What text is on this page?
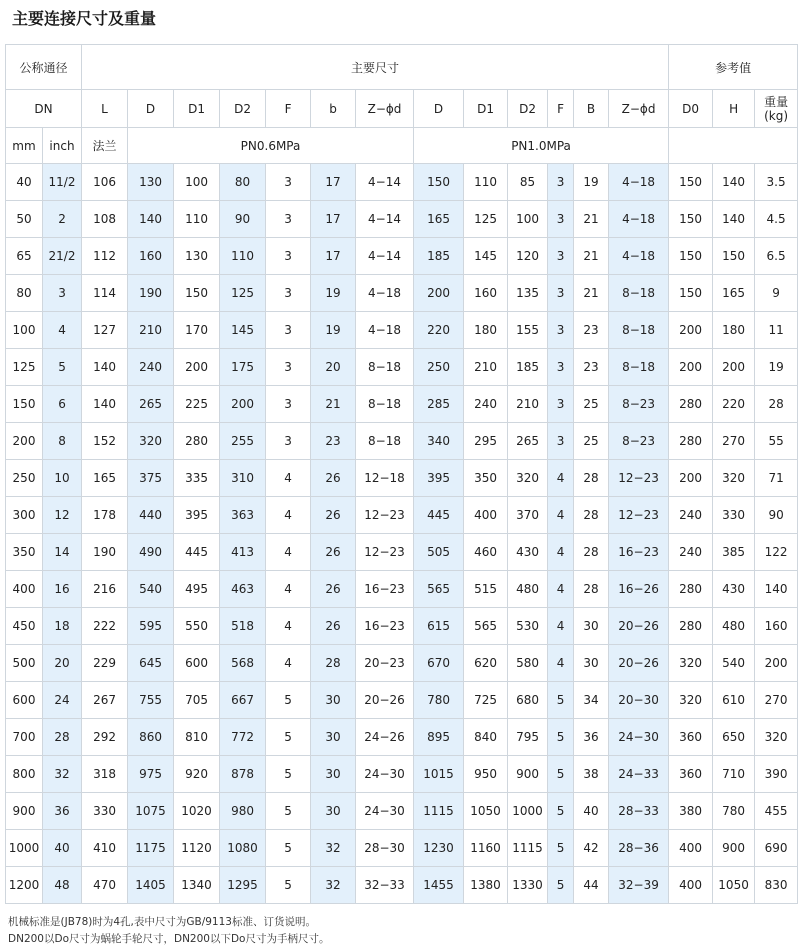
主要连接尺寸及重量
公称通径		主要尺寸													参考值		
DN		L	D	D1	D2	F	b	Z−ϕd	D	D1	D2	F	B	Z−ϕd	D0	H	重量
(kg)
mm	inch	法兰	PN0.6MPa						PN1.0MPa								
40	11/2	106	130	100	80	3	17	4−14	150	110	85	3	19	4−18	150	140	3.5
50	2	108	140	110	90	3	17	4−14	165	125	100	3	21	4−18	150	140	4.5
65	21/2	112	160	130	110	3	17	4−14	185	145	120	3	21	4−18	150	150	6.5
80	3	114	190	150	125	3	19	4−18	200	160	135	3	21	8−18	150	165	9
100	4	127	210	170	145	3	19	4−18	220	180	155	3	23	8−18	200	180	11
125	5	140	240	200	175	3	20	8−18	250	210	185	3	23	8−18	200	200	19
150	6	140	265	225	200	3	21	8−18	285	240	210	3	25	8−23	280	220	28
200	8	152	320	280	255	3	23	8−18	340	295	265	3	25	8−23	280	270	55
250	10	165	375	335	310	4	26	12−18	395	350	320	4	28	12−23	200	320	71
300	12	178	440	395	363	4	26	12−23	445	400	370	4	28	12−23	240	330	90
350	14	190	490	445	413	4	26	12−23	505	460	430	4	28	16−23	240	385	122
400	16	216	540	495	463	4	26	16−23	565	515	480	4	28	16−26	280	430	140
450	18	222	595	550	518	4	26	16−23	615	565	530	4	30	20−26	280	480	160
500	20	229	645	600	568	4	28	20−23	670	620	580	4	30	20−26	320	540	200
600	24	267	755	705	667	5	30	20−26	780	725	680	5	34	20−30	320	610	270
700	28	292	860	810	772	5	30	24−26	895	840	795	5	36	24−30	360	650	320
800	32	318	975	920	878	5	30	24−30	1015	950	900	5	38	24−33	360	710	390
900	36	330	1075	1020	980	5	30	24−30	1115	1050	1000	5	40	28−33	380	780	455
1000	40	410	1175	1120	1080	5	32	28−30	1230	1160	1115	5	42	28−36	400	900	690
1200	48	470	1405	1340	1295	5	32	32−33	1455	1380	1330	5	44	32−39	400	1050	830
机械标准是(JB78)时为4孔,表中尺寸为GB/9113标准、订货说明。
DN200以Do尺寸为蜗轮手轮尺寸，DN200以下Do尺寸为手柄尺寸。
